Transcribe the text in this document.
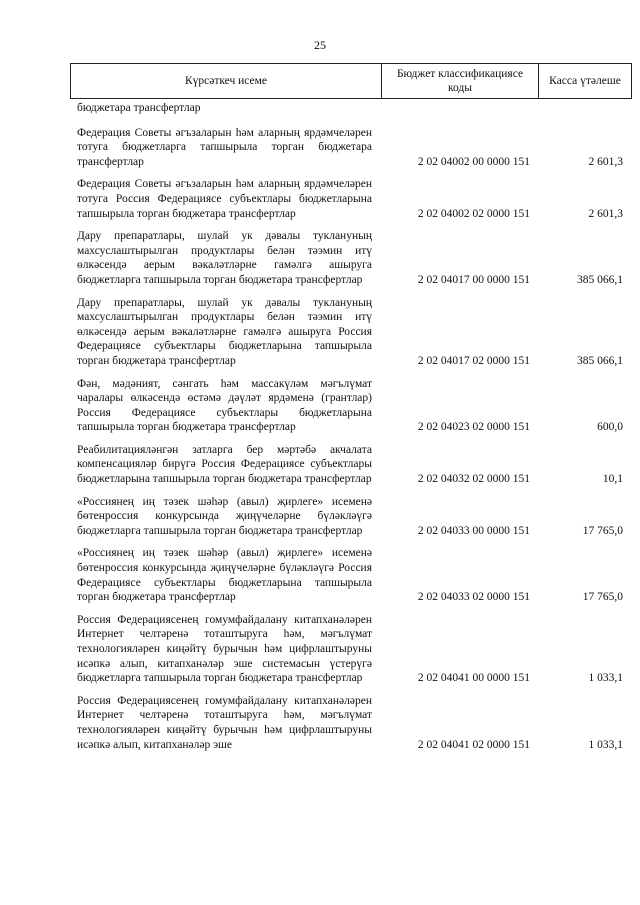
25
Күрсәткеч исеме	Бюджет классификациясе коды	Касса үтәлеше
бюджетара трансфертлар
Федерация Советы әгъзаларын һәм аларның ярдәмчеләрен тотуга бюджетларга тапшырыла торган бюджетара трансфертлар	2 02 04002 00 0000 151	2 601,3
Федерация Советы әгъзаларын һәм аларның ярдәмчеләрен тотуга Россия Федерациясе субъектлары бюджетларына тапшырыла торган бюджетара трансфертлар	2 02 04002 02 0000 151	2 601,3
Дару препаратлары, шулай ук дәвалы туклануның махсуслаштырылган продуктлары белән тәэмин итү өлкәсендә аерым вәкаләтләрне гамәлгә ашыруга бюджетларга тапшырыла торган бюджетара трансфертлар	2 02 04017 00 0000 151	385 066,1
Дару препаратлары, шулай ук дәвалы туклануның махсуслаштырылган продуктлары белән тәэмин итү өлкәсендә аерым вәкаләтләрне гамәлгә ашыруга Россия Федерациясе субъектлары бюджетларына тапшырыла торган бюджетара трансфертлар	2 02 04017 02 0000 151	385 066,1
Фән, мәдәният, сәнгать һәм массакүләм мәгълүмат чаралары өлкәсендә өстәмә дәүләт ярдәменә (грантлар) Россия Федерациясе субъектлары бюджетларына тапшырыла торган бюджетара трансфертлар	2 02 04023 02 0000 151	600,0
Реабилитацияләнгән затларга бер мәртәбә акчалата компенсацияләр бирүгә Россия Федерациясе субъектлары бюджетларына тапшырыла торган бюджетара трансфертлар	2 02 04032 02 0000 151	10,1
«Россиянең иң тәзек шәһәр (авыл) җирлеге» исеменә бөтенроссия конкурсында җиңүчеләрне бүләкләүгә бюджетларга тапшырыла торган бюджетара трансфертлар	2 02 04033 00 0000 151	17 765,0
«Россиянең иң тәзек шәһәр (авыл) җирлеге» исеменә бөтенроссия конкурсында җиңүчеләрне бүләкләүгә Россия Федерациясе субъектлары бюджетларына тапшырыла торган бюджетара трансфертлар	2 02 04033 02 0000 151	17 765,0
Россия Федерациясенең гомумфайдалану китапханәләрен Интернет челтәренә тоташтыруга һәм, мәгълүмат технологияләрен киңәйтү бурычын һәм цифрлаштыруны исәпкә алып, китапханәләр эше системасын үстерүгә бюджетларга тапшырыла торган бюджетара трансфертлар	2 02 04041 00 0000 151	1 033,1
Россия Федерациясенең гомумфайдалану китапханәләрен Интернет челтәренә тоташтыруга һәм, мәгълүмат технологияләрен киңәйтү бурычын һәм цифрлаштыруны исәпкә алып, китапханәләр эше	2 02 04041 02 0000 151	1 033,1
